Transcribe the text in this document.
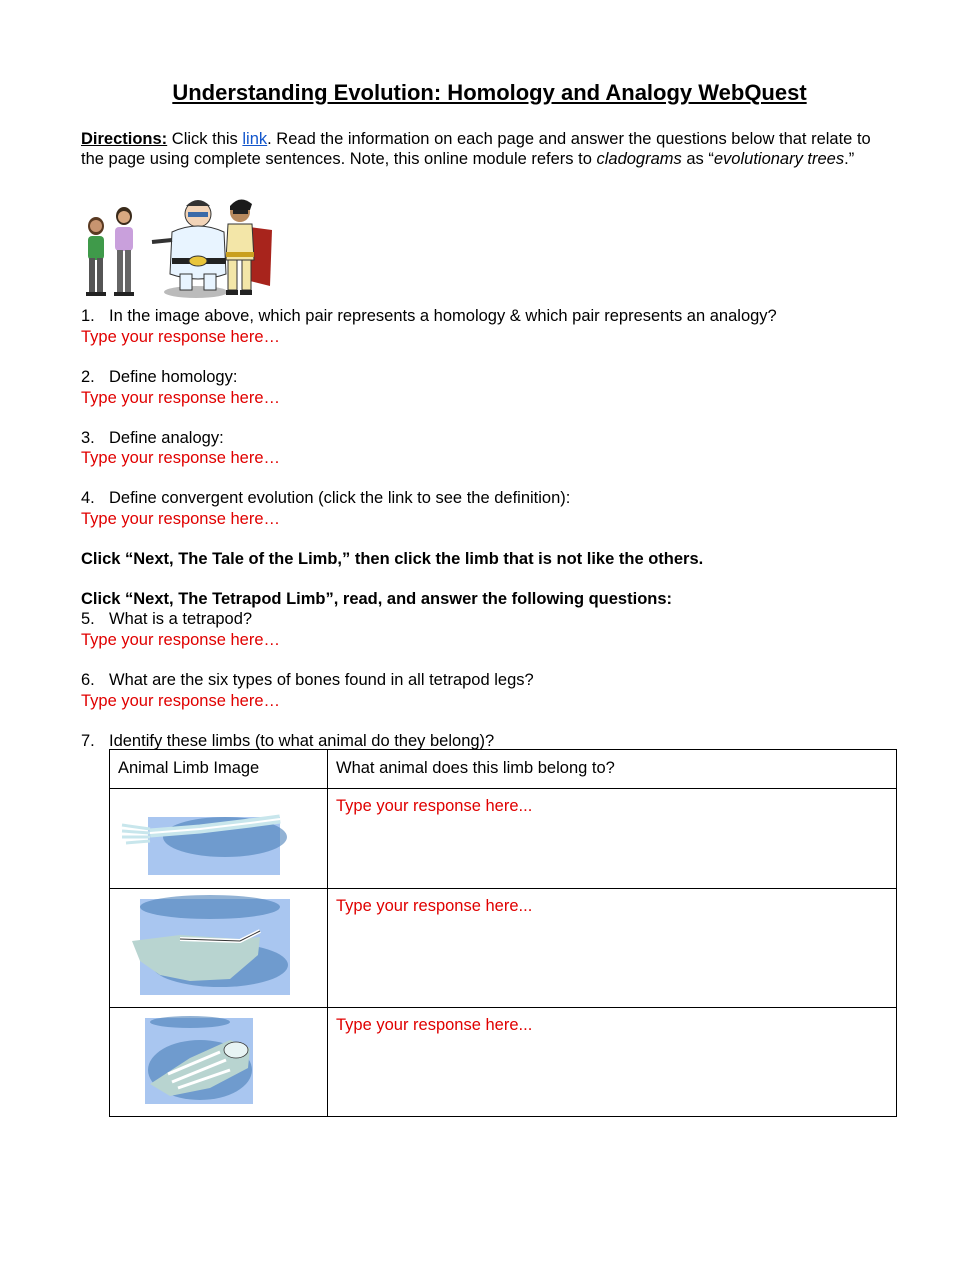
Understanding Evolution: Homology and Analogy WebQuest
Directions: Click this link. Read the information on each page and answer the questions below that relate to the page using complete sentences. Note, this online module refers to cladograms as “evolutionary trees.”
1. In the image above, which pair represents a homology & which pair represents an analogy?
Type your response here…
2. Define homology:
Type your response here…
3. Define analogy:
Type your response here…
4. Define convergent evolution (click the link to see the definition):
Type your response here…
Click “Next, The Tale of the Limb,” then click the limb that is not like the others.
Click “Next, The Tetrapod Limb”, read, and answer the following questions:
5. What is a tetrapod?
Type your response here…
6. What are the six types of bones found in all tetrapod legs?
Type your response here…
7. Identify these limbs (to what animal do they belong)?
Animal Limb Image	What animal does this limb belong to?

Type your response here...

Type your response here...

Type your response here...
